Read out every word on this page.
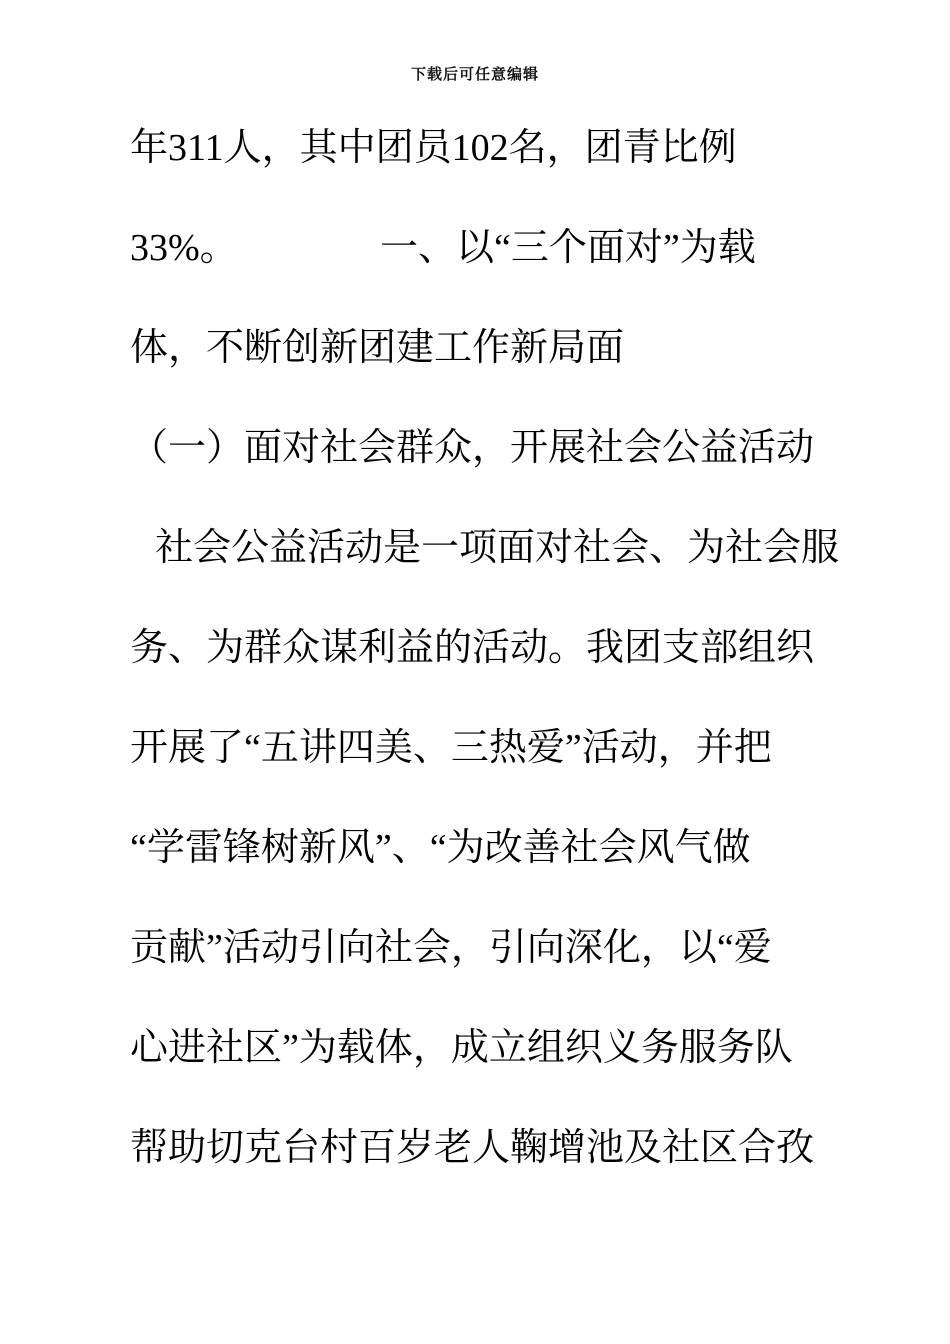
下载后可任意编辑
年311人，其中团员102名，团青比例
33%。	一、以“三个面对”为载
体，不断创新团建工作新局面
（一）面对社会群众，开展社会公益活动
社会公益活动是一项面对社会、为社会服
务、为群众谋利益的活动。我团支部组织
开展了“五讲四美、三热爱”活动，并把
“学雷锋树新风”、“为改善社会风气做
贡献”活动引向社会，引向深化，以“爱
心进社区”为载体，成立组织义务服务队
帮助切克台村百岁老人鞠增池及社区合孜
